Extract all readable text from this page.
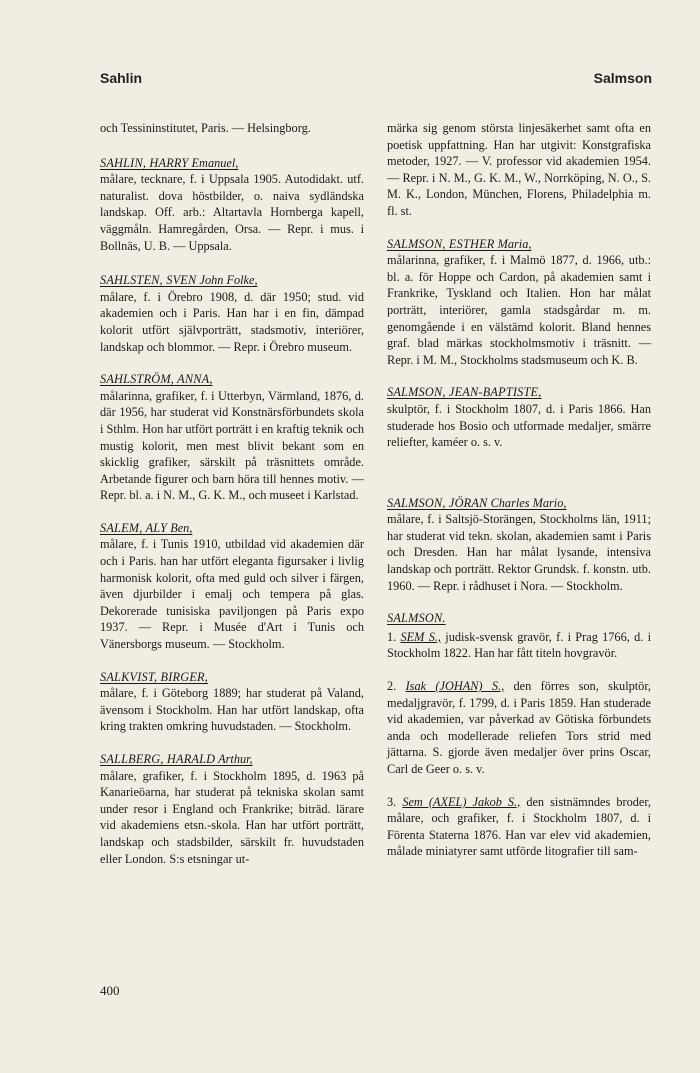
Sahlin	Salmson

och Tessininstitutet, Paris. — Helsingborg.

SAHLIN, HARRY Emanuel,

målare, tecknare, f. i Uppsala 1905. Autodidakt. utf. naturalist. dova höstbilder, o. naiva sydländska landskap. Off. arb.: Altartavla Hornberga kapell, väggmåln. Hamregården, Orsa. — Repr. i mus. i Bollnäs, U. B. — Uppsala.

SAHLSTEN, SVEN John Folke,

målare, f. i Örebro 1908, d. där 1950; stud. vid akademien och i Paris. Han har i en fin, dämpad kolorit utfört självporträtt, stadsmotiv, interiörer, landskap och blommor. — Repr. i Örebro museum.

SAHLSTRÖM, ANNA,

målarinna, grafiker, f. i Utterbyn, Värmland, 1876, d. där 1956, har studerat vid Konstnärsförbundets skola i Sthlm. Hon har utfört porträtt i en kraftig teknik och mustig kolorit, men mest blivit bekant som en skicklig grafiker, särskilt på träsnittets område. Arbetande figurer och barn höra till hennes motiv. — Repr. bl. a. i N. M., G. K. M., och museet i Karlstad.

SALEM, ALY Ben,

målare, f. i Tunis 1910, utbildad vid akademien där och i Paris. han har utfört eleganta figursaker i livlig harmonisk kolorit, ofta med guld och silver i färgen, även djurbilder i emalj och tempera på glas. Dekorerade tunisiska paviljongen på Paris expo 1937. — Repr. i Musée d'Art i Tunis och Vänersborgs museum. — Stockholm.

SALKVIST, BIRGER,

målare, f. i Göteborg 1889; har studerat på Valand, ävensom i Stockholm. Han har utfört landskap, ofta kring trakten omkring huvudstaden. — Stockholm.

SALLBERG, HARALD Arthur,

målare, grafiker, f. i Stockholm 1895, d. 1963 på Kanarieöarna, har studerat på tekniska skolan samt under resor i England och Frankrike; biträd. lärare vid akademiens etsn.-skola. Han har utfört porträtt, landskap och stadsbilder, särskilt fr. huvudstaden eller London. S:s etsningar ut-

märka sig genom största linjesäkerhet samt ofta en poetisk uppfattning. Han har utgivit: Konstgrafiska metoder, 1927. — V. professor vid akademien 1954. — Repr. i N. M., G. K. M., W., Norrköping, N. O., S. M. K., London, München, Florens, Philadelphia m. fl. st.

SALMSON, ESTHER Maria,

målarinna, grafiker, f. i Malmö 1877, d. 1966, utb.: bl. a. för Hoppe och Cardon, på akademien samt i Frankrike, Tyskland och Italien. Hon har målat porträtt, interiörer, gamla stadsgårdar m. m. genomgående i en välstämd kolorit. Bland hennes graf. blad märkas stockholmsmotiv i träsnitt. — Repr. i M. M., Stockholms stadsmuseum och K. B.

SALMSON, JEAN-BAPTISTE,

skulptör, f. i Stockholm 1807, d. i Paris 1866. Han studerade hos Bosio och utformade medaljer, smärre reliefter, kaméer o. s. v.

SALMSON, JÖRAN Charles Mario,

målare, f. i Saltsjö-Storängen, Stockholms län, 1911; har studerat vid tekn. skolan, akademien samt i Paris och Dresden. Han har målat lysande, intensiva landskap och porträtt. Rektor Grundsk. f. konstn. utb. 1960. — Repr. i rådhuset i Nora. — Stockholm.

SALMSON.

1. SEM S., judisk-svensk gravör, f. i Prag 1766, d. i Stockholm 1822. Han har fått titeln hovgravör.

2. Isak (JOHAN) S., den förres son, skulptör, medaljgravör, f. 1799, d. i Paris 1859. Han studerade vid akademien, var påverkad av Götiska förbundets anda och modellerade reliefen Tors strid med jättarna. S. gjorde även medaljer över prins Oscar, Carl de Geer o. s. v.

3. Sem (AXEL) Jakob S., den sistnämndes broder, målare, och grafiker, f. i Stockholm 1807, d. i Förenta Staterna 1876. Han var elev vid akademien, målade miniatyrer samt utförde litografier till sam-

400
